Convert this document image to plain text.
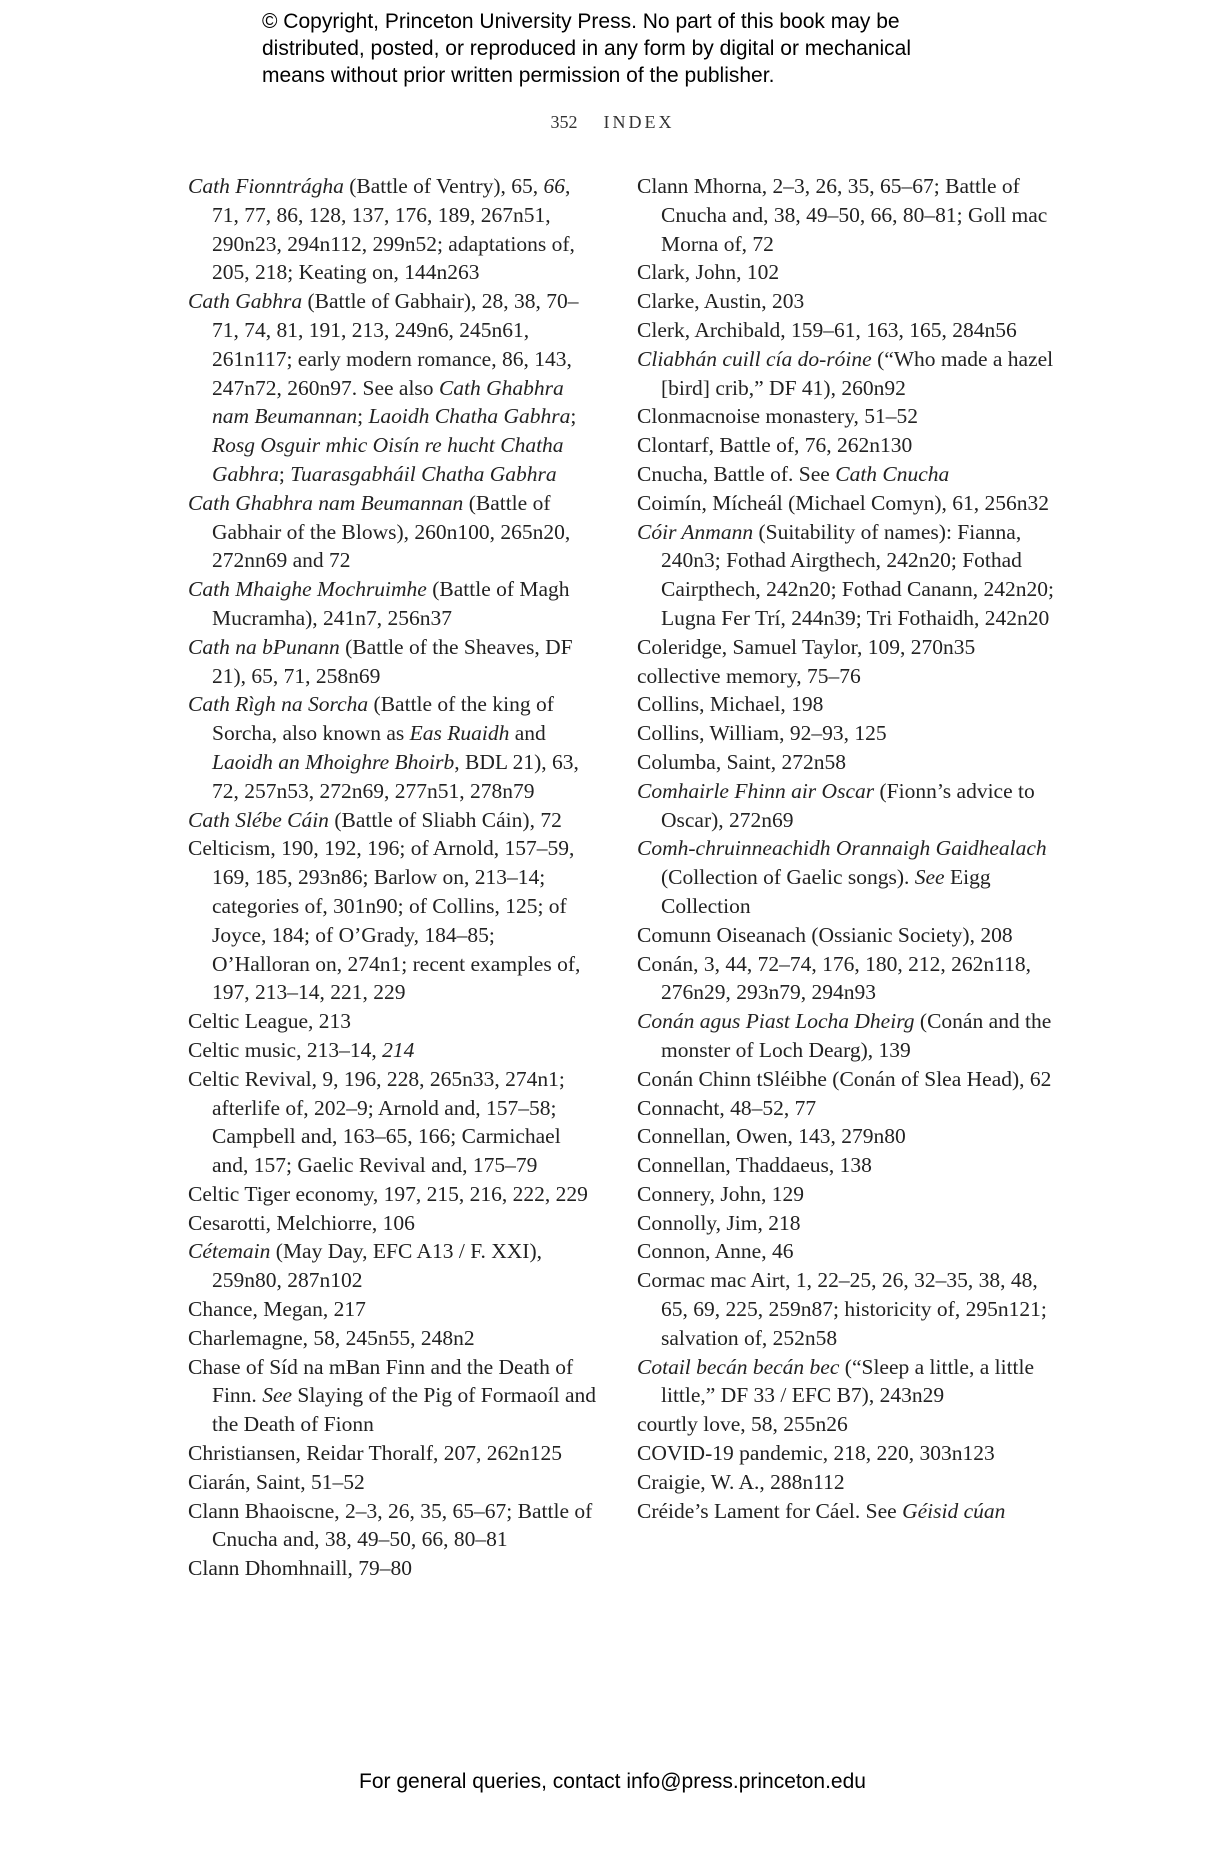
© Copyright, Princeton University Press. No part of this book may be
distributed, posted, or reproduced in any form by digital or mechanical
means without prior written permission of the publisher.
352 INDEX

Cath Fionntrágha (Battle of Ventry), 65, 66, 71, 77, 86, 128, 137, 176, 189, 267n51, 290n23, 294n112, 299n52; adaptations of, 205, 218; Keating on, 144n263

Cath Gabhra (Battle of Gabhair), 28, 38, 70–71, 74, 81, 191, 213, 249n6, 245n61, 261n117; early modern romance, 86, 143, 247n72, 260n97. See also Cath Ghabhra nam Beumannan; Laoidh Chatha Gabhra; Rosg Osguir mhic Oisín re hucht Chatha Gabhra; Tuarasgabháil Chatha Gabhra

Cath Ghabhra nam Beumannan (Battle of Gabhair of the Blows), 260n100, 265n20, 272nn69 and 72

Cath Mhaighe Mochruimhe (Battle of Magh Mucramha), 241n7, 256n37

Cath na bPunann (Battle of the Sheaves, DF 21), 65, 71, 258n69

Cath Rìgh na Sorcha (Battle of the king of Sorcha, also known as Eas Ruaidh and Laoidh an Mhoighre Bhoirb, BDL 21), 63, 72, 257n53, 272n69, 277n51, 278n79

Cath Slébe Cáin (Battle of Sliabh Cáin), 72

Celticism, 190, 192, 196; of Arnold, 157–59, 169, 185, 293n86; Barlow on, 213–14; categories of, 301n90; of Collins, 125; of Joyce, 184; of O’Grady, 184–85; O’Halloran on, 274n1; recent examples of, 197, 213–14, 221, 229

Celtic League, 213

Celtic music, 213–14, 214

Celtic Revival, 9, 196, 228, 265n33, 274n1; afterlife of, 202–9; Arnold and, 157–58; Campbell and, 163–65, 166; Carmichael and, 157; Gaelic Revival and, 175–79

Celtic Tiger economy, 197, 215, 216, 222, 229

Cesarotti, Melchiorre, 106

Cétemain (May Day, EFC A13 / F. XXI), 259n80, 287n102

Chance, Megan, 217

Charlemagne, 58, 245n55, 248n2

Chase of Síd na mBan Finn and the Death of Finn. See Slaying of the Pig of Formaoíl and the Death of Fionn

Christiansen, Reidar Thoralf, 207, 262n125

Ciarán, Saint, 51–52

Clann Bhaoiscne, 2–3, 26, 35, 65–67; Battle of Cnucha and, 38, 49–50, 66, 80–81

Clann Dhomhnaill, 79–80

Clann Mhorna, 2–3, 26, 35, 65–67; Battle of Cnucha and, 38, 49–50, 66, 80–81; Goll mac Morna of, 72

Clark, John, 102

Clarke, Austin, 203

Clerk, Archibald, 159–61, 163, 165, 284n56

Cliabhán cuill cía do-róine (“Who made a hazel [bird] crib,” DF 41), 260n92

Clonmacnoise monastery, 51–52

Clontarf, Battle of, 76, 262n130

Cnucha, Battle of. See Cath Cnucha

Coimín, Mícheál (Michael Comyn), 61, 256n32

Cóir Anmann (Suitability of names): Fianna, 240n3; Fothad Airgthech, 242n20; Fothad Cairpthech, 242n20; Fothad Canann, 242n20; Lugna Fer Trí, 244n39; Tri Fothaidh, 242n20

Coleridge, Samuel Taylor, 109, 270n35

collective memory, 75–76

Collins, Michael, 198

Collins, William, 92–93, 125

Columba, Saint, 272n58

Comhairle Fhinn air Oscar (Fionn’s advice to Oscar), 272n69

Comh-chruinneachidh Orannaigh Gaidhealach (Collection of Gaelic songs). See Eigg Collection

Comunn Oiseanach (Ossianic Society), 208

Conán, 3, 44, 72–74, 176, 180, 212, 262n118, 276n29, 293n79, 294n93

Conán agus Piast Locha Dheirg (Conán and the monster of Loch Dearg), 139

Conán Chinn tSléibhe (Conán of Slea Head), 62

Connacht, 48–52, 77

Connellan, Owen, 143, 279n80

Connellan, Thaddaeus, 138

Connery, John, 129

Connolly, Jim, 218

Connon, Anne, 46

Cormac mac Airt, 1, 22–25, 26, 32–35, 38, 48, 65, 69, 225, 259n87; historicity of, 295n121; salvation of, 252n58

Cotail becán becán bec (“Sleep a little, a little little,” DF 33 / EFC B7), 243n29

courtly love, 58, 255n26

COVID-19 pandemic, 218, 220, 303n123

Craigie, W. A., 288n112

Créide’s Lament for Cáel. See Géisid cúan

For general queries, contact info@press.princeton.edu
